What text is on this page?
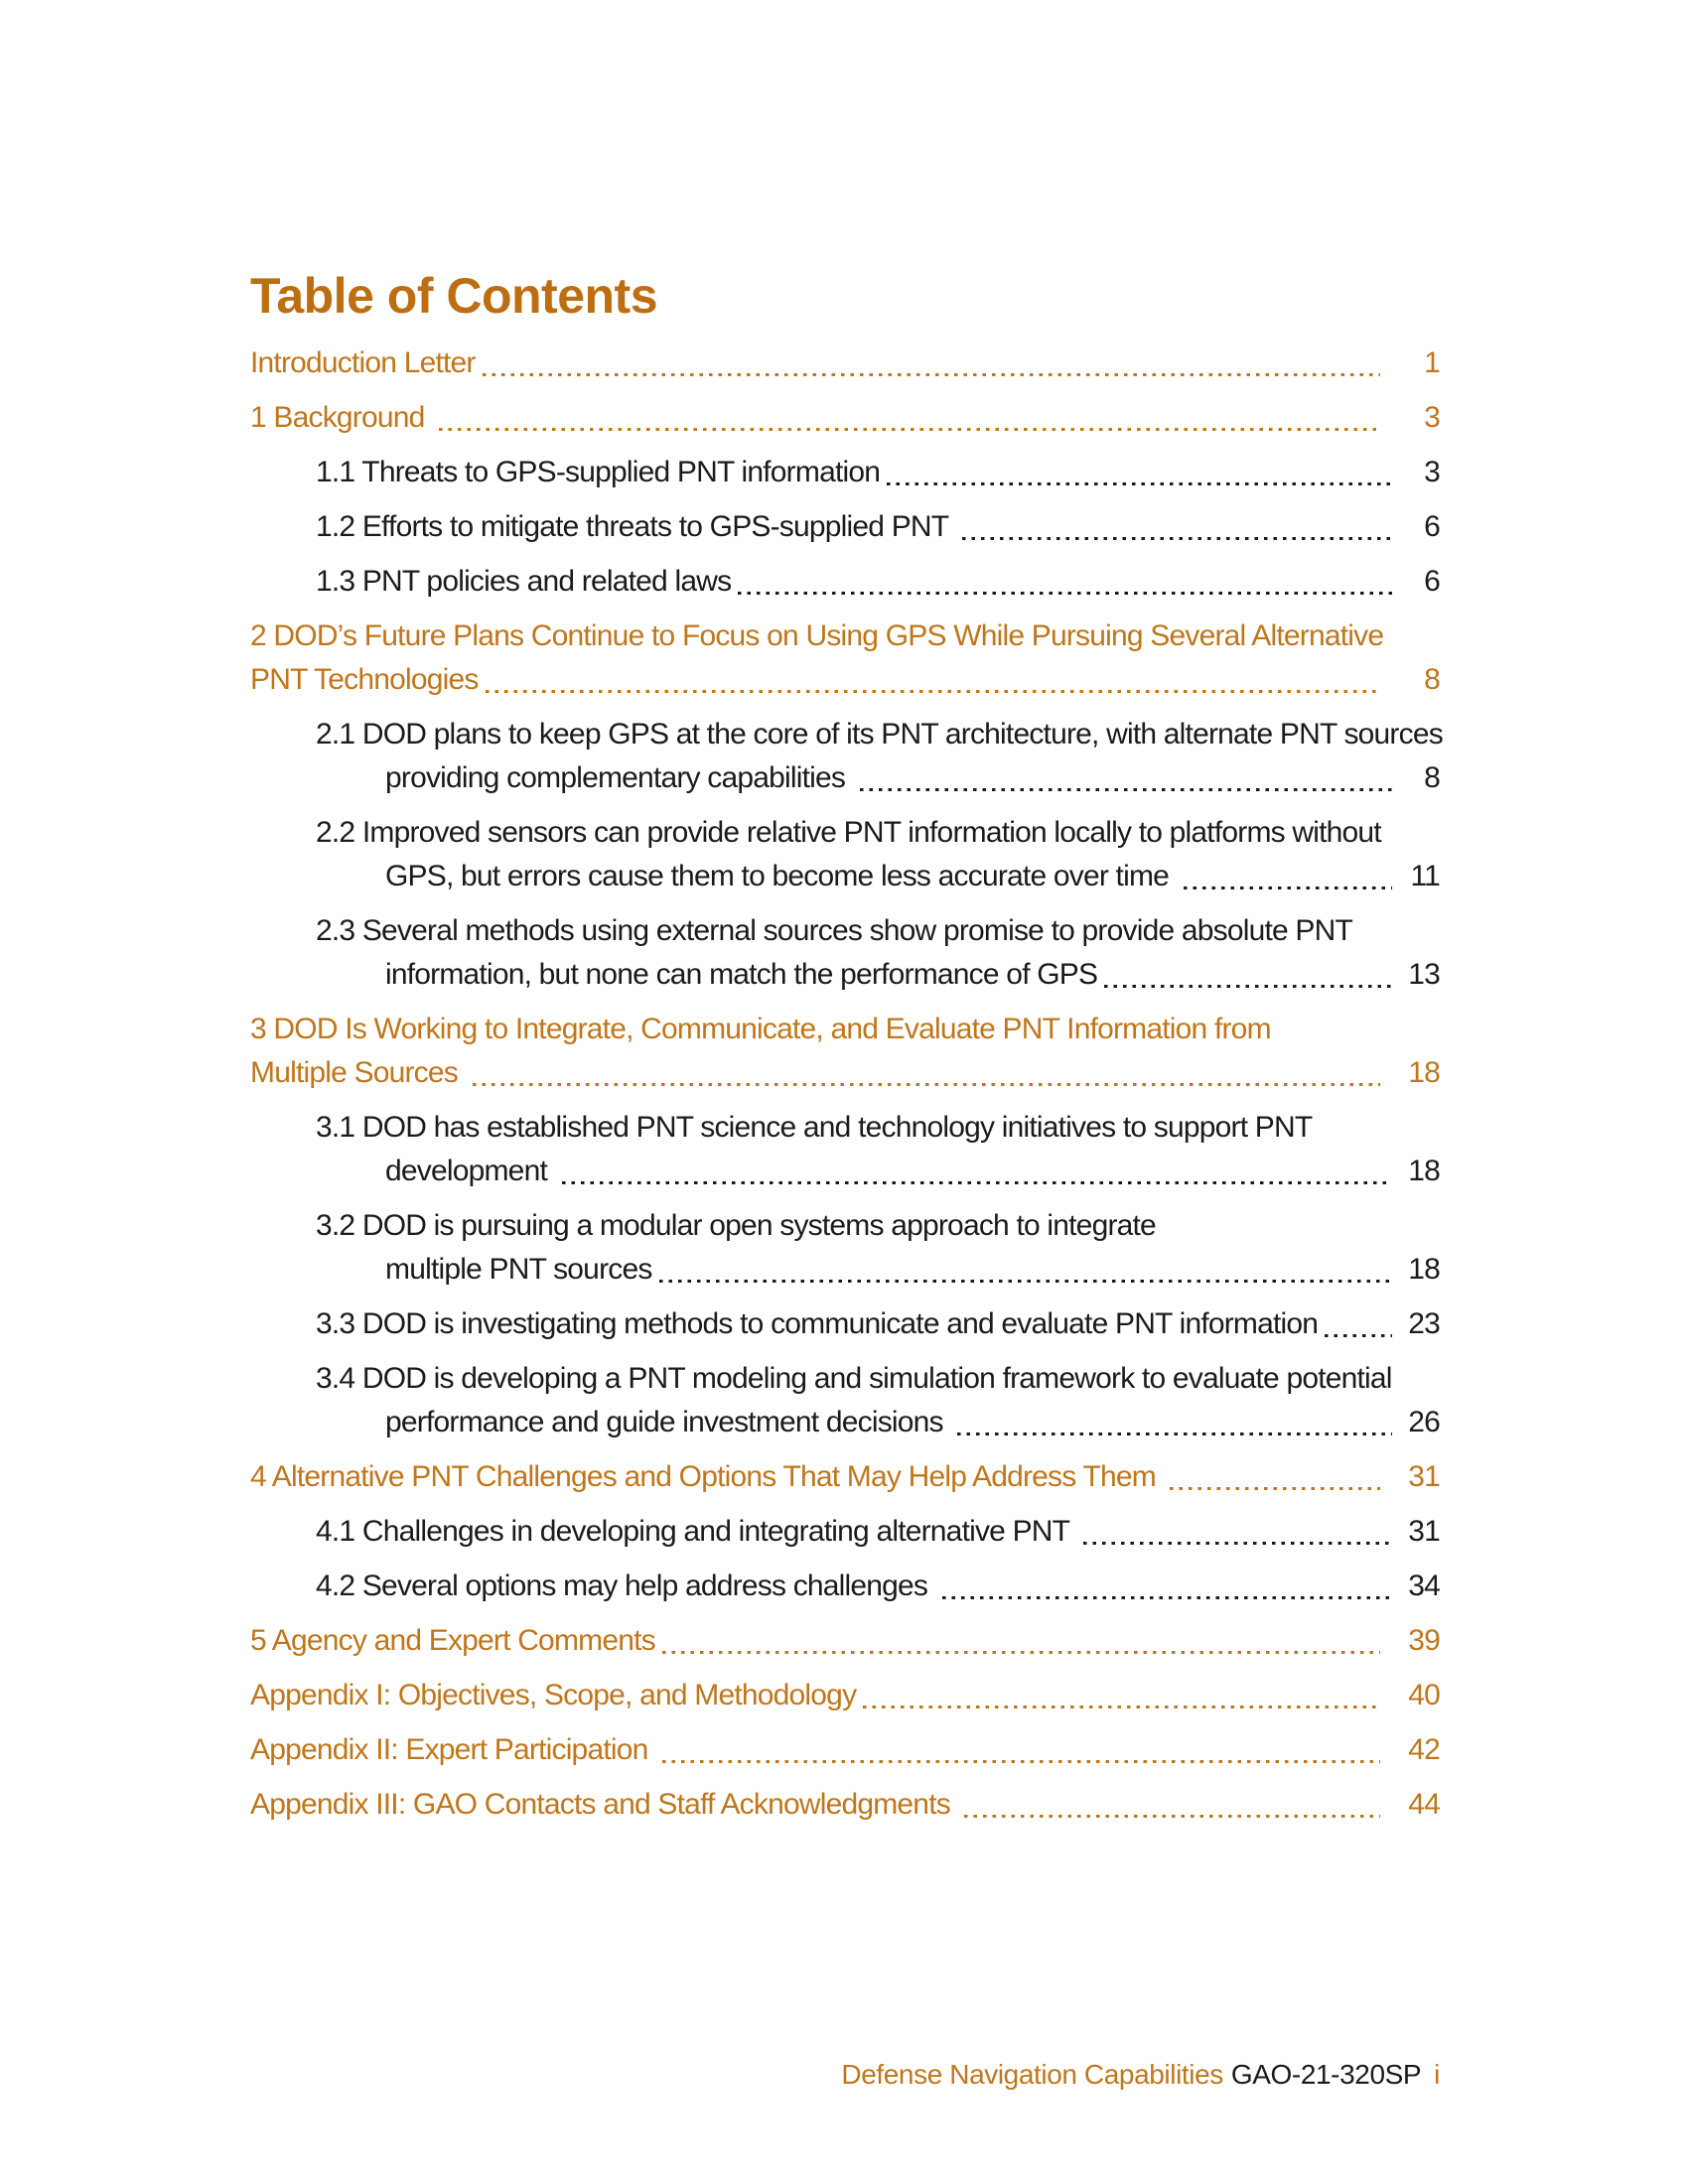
Table of Contents
Introduction Letter	1
1 Background	3
1.1 Threats to GPS-supplied PNT information	3
1.2 Efforts to mitigate threats to GPS-supplied PNT	6
1.3 PNT policies and related laws	6
2 DOD’s Future Plans Continue to Focus on Using GPS While Pursuing Several Alternative
PNT Technologies	8
2.1 DOD plans to keep GPS at the core of its PNT architecture, with alternate PNT sources
providing complementary capabilities	8
2.2 Improved sensors can provide relative PNT information locally to platforms without
GPS, but errors cause them to become less accurate over time	11
2.3 Several methods using external sources show promise to provide absolute PNT
information, but none can match the performance of GPS	13
3 DOD Is Working to Integrate, Communicate, and Evaluate PNT Information from
Multiple Sources	18
3.1 DOD has established PNT science and technology initiatives to support PNT
development	18
3.2 DOD is pursuing a modular open systems approach to integrate
multiple PNT sources	18
3.3 DOD is investigating methods to communicate and evaluate PNT information	23
3.4 DOD is developing a PNT modeling and simulation framework to evaluate potential
performance and guide investment decisions	26
4 Alternative PNT Challenges and Options That May Help Address Them	31
4.1 Challenges in developing and integrating alternative PNT	31
4.2 Several options may help address challenges	34
5 Agency and Expert Comments	39
Appendix I: Objectives, Scope, and Methodology	40
Appendix II: Expert Participation	42
Appendix III: GAO Contacts and Staff Acknowledgments	44
Defense Navigation Capabilities GAO-21-320SP i
